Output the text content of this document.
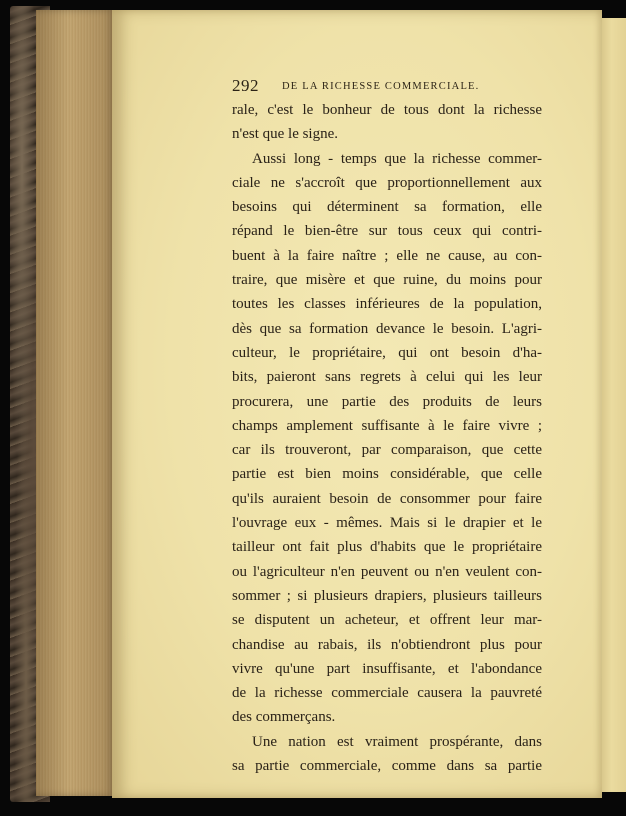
292 DE LA RICHESSE COMMERCIALE.
rale, c'est le bonheur de tous dont la richesse
n'est que le signe.
Aussi long - temps que la richesse commer-
ciale ne s'accroît que proportionnellement aux
besoins qui déterminent sa formation, elle
répand le bien-être sur tous ceux qui contri-
buent à la faire naître ; elle ne cause, au con-
traire, que misère et que ruine, du moins pour
toutes les classes inférieures de la population,
dès que sa formation devance le besoin. L'agri-
culteur, le propriétaire, qui ont besoin d'ha-
bits, paieront sans regrets à celui qui les leur
procurera, une partie des produits de leurs
champs amplement suffisante à le faire vivre ;
car ils trouveront, par comparaison, que cette
partie est bien moins considérable, que celle
qu'ils auraient besoin de consommer pour faire
l'ouvrage eux - mêmes. Mais si le drapier et le
tailleur ont fait plus d'habits que le propriétaire
ou l'agriculteur n'en peuvent ou n'en veulent con-
sommer ; si plusieurs drapiers, plusieurs tailleurs
se disputent un acheteur, et offrent leur mar-
chandise au rabais, ils n'obtiendront plus pour
vivre qu'une part insuffisante, et l'abondance
de la richesse commerciale causera la pauvreté
des commerçans.
Une nation est vraiment prospérante, dans
sa partie commerciale, comme dans sa partie
